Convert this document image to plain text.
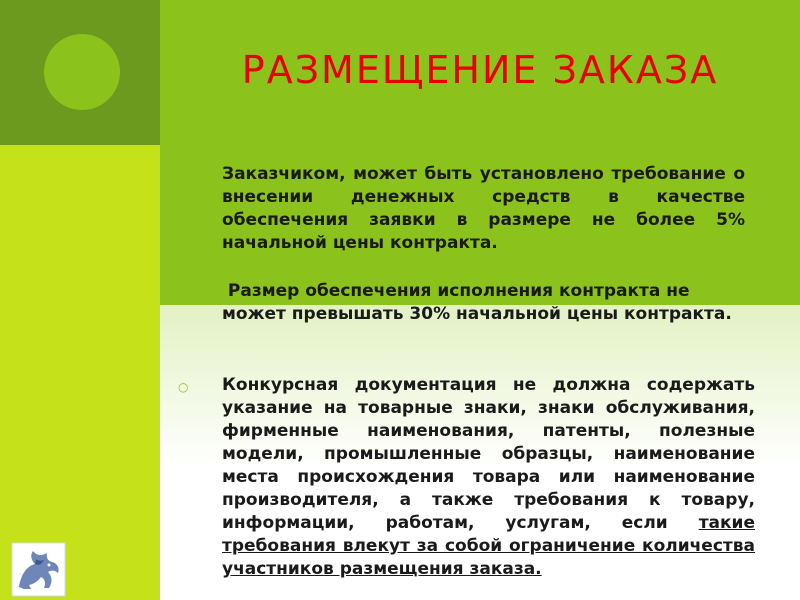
РАЗМЕЩЕНИЕ ЗАКАЗА

Заказчиком, может быть установлено требование о внесении денежных средств в качестве обеспечения заявки в размере не более 5% начальной цены контракта.

Размер обеспечения исполнения контракта не может превышать 30% начальной цены контракта.

○ Конкурсная документация не должна содержать указание на товарные знаки, знаки обслуживания, фирменные наименования, патенты, полезные модели, промышленные образцы, наименование места происхождения товара или наименование производителя, а также требования к товару, информации, работам, услугам, если такие требования влекут за собой ограничение количества участников размещения заказа.
